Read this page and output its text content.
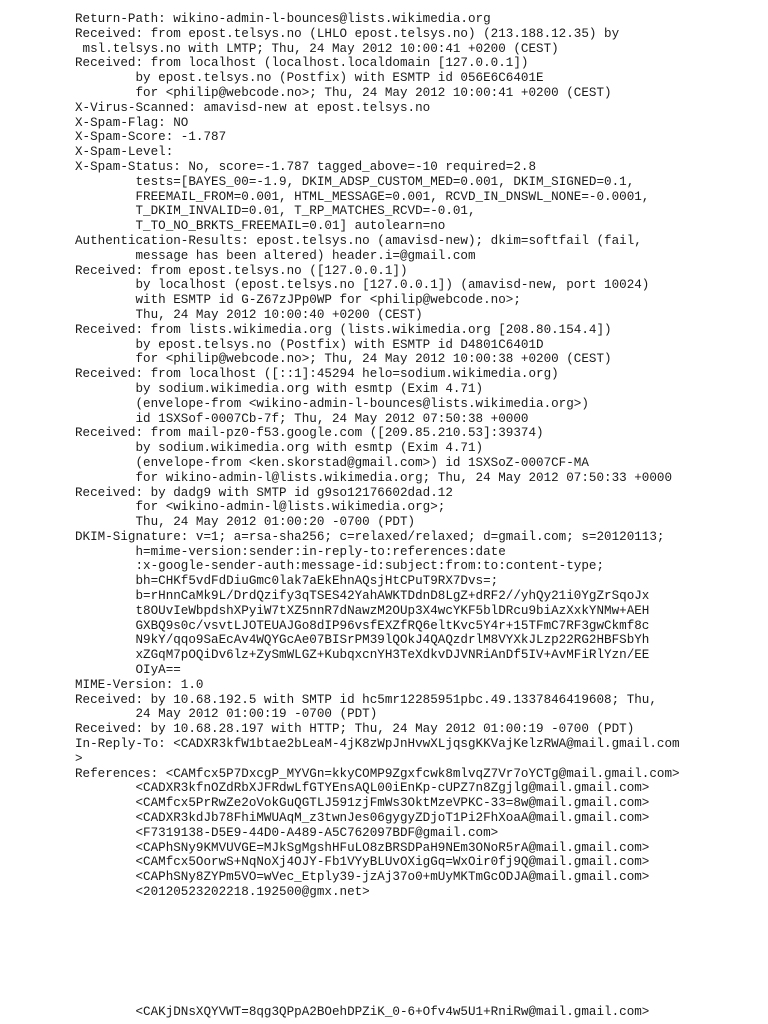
Return-Path: wikino-admin-l-bounces@lists.wikimedia.org
Received: from epost.telsys.no (LHLO epost.telsys.no) (213.188.12.35) by
msl.telsys.no with LMTP; Thu, 24 May 2012 10:00:41 +0200 (CEST)
Received: from localhost (localhost.localdomain [127.0.0.1])
by epost.telsys.no (Postfix) with ESMTP id 056E6C6401E
for <philip@webcode.no>; Thu, 24 May 2012 10:00:41 +0200 (CEST)
X-Virus-Scanned: amavisd-new at epost.telsys.no
X-Spam-Flag: NO
X-Spam-Score: -1.787
X-Spam-Level:
X-Spam-Status: No, score=-1.787 tagged_above=-10 required=2.8
tests=[BAYES_00=-1.9, DKIM_ADSP_CUSTOM_MED=0.001, DKIM_SIGNED=0.1,
FREEMAIL_FROM=0.001, HTML_MESSAGE=0.001, RCVD_IN_DNSWL_NONE=-0.0001,
T_DKIM_INVALID=0.01, T_RP_MATCHES_RCVD=-0.01,
T_TO_NO_BRKTS_FREEMAIL=0.01] autolearn=no
Authentication-Results: epost.telsys.no (amavisd-new); dkim=softfail (fail,
message has been altered) header.i=@gmail.com
Received: from epost.telsys.no ([127.0.0.1])
by localhost (epost.telsys.no [127.0.0.1]) (amavisd-new, port 10024)
with ESMTP id G-Z67zJPp0WP for <philip@webcode.no>;
Thu, 24 May 2012 10:00:40 +0200 (CEST)
Received: from lists.wikimedia.org (lists.wikimedia.org [208.80.154.4])
by epost.telsys.no (Postfix) with ESMTP id D4801C6401D
for <philip@webcode.no>; Thu, 24 May 2012 10:00:38 +0200 (CEST)
Received: from localhost ([::1]:45294 helo=sodium.wikimedia.org)
by sodium.wikimedia.org with esmtp (Exim 4.71)
(envelope-from <wikino-admin-l-bounces@lists.wikimedia.org>)
id 1SXSof-0007Cb-7f; Thu, 24 May 2012 07:50:38 +0000
Received: from mail-pz0-f53.google.com ([209.85.210.53]:39374)
by sodium.wikimedia.org with esmtp (Exim 4.71)
(envelope-from <ken.skorstad@gmail.com>) id 1SXSoZ-0007CF-MA
for wikino-admin-l@lists.wikimedia.org; Thu, 24 May 2012 07:50:33 +0000
Received: by dadg9 with SMTP id g9so12176602dad.12
for <wikino-admin-l@lists.wikimedia.org>;
Thu, 24 May 2012 01:00:20 -0700 (PDT)
DKIM-Signature: v=1; a=rsa-sha256; c=relaxed/relaxed; d=gmail.com; s=20120113;
h=mime-version:sender:in-reply-to:references:date
:x-google-sender-auth:message-id:subject:from:to:content-type;
bh=CHKf5vdFdDiuGmc0lak7aEkEhnAQsjHtCPuT9RX7Dvs=;
b=rHnnCaMk9L/DrdQzify3qTSES42YahAWKTDdnD8LgZ+dRF2//yhQy21i0YgZrSqoJx
t8OUvIeWbpdshXPyiW7tXZ5nnR7dNawzM2OUp3X4wcYKF5blDRcu9biAzXxkYNMw+AEH
GXBQ9s0c/vsvtLJOTEUAJGo8dIP96vsfEXZfRQ6eltKvc5Y4r+15TFmC7RF3gwCkmf8c
N9kY/qqo9SaEcAv4WQYGcAe07BISrPM39lQOkJ4QAQzdrlM8VYXkJLzp22RG2HBFSbYh
xZGqM7pOQiDv6lz+ZySmWLGZ+KubqxcnYH3TeXdkvDJVNRiAnDf5IV+AvMFiRlYzn/EE
OIyA==
MIME-Version: 1.0
Received: by 10.68.192.5 with SMTP id hc5mr12285951pbc.49.1337846419608; Thu,
24 May 2012 01:00:19 -0700 (PDT)
Received: by 10.68.28.197 with HTTP; Thu, 24 May 2012 01:00:19 -0700 (PDT)
In-Reply-To: <CADXR3kfW1btae2bLeaM-4jK8zWpJnHvwXLjqsgKKVajKelzRWA@mail.gmail.com
>
References: <CAMfcx5P7DxcgP_MYVGn=kkyCOMP9Zgxfcwk8mlvqZ7Vr7oYCTg@mail.gmail.com>
<CADXR3kfnOZdRbXJFRdwLfGTYEnsAQL00iEnKp-cUPZ7n8Zgjlg@mail.gmail.com>
<CAMfcx5PrRwZe2oVokGuQGTLJ591zjFmWs3OktMzeVPKC-33=8w@mail.gmail.com>
<CADXR3kdJb78FhiMWUAqM_z3twnJes06gygyZDjoT1Pi2FhXoaA@mail.gmail.com>
<F7319138-D5E9-44D0-A489-A5C762097BDF@gmail.com>
<CAPhSNy9KMVUVGE=MJkSgMgshHFuLO8zBRSDPaH9NEm3ONoR5rA@mail.gmail.com>
<CAMfcx5OorwS+NqNoXj4OJY-Fb1VYyBLUvOXigGq=WxOir0fj9Q@mail.gmail.com>
<CAPhSNy8ZYPm5VO=wVec_Etply39-jzAj37o0+mUyMKTmGcODJA@mail.gmail.com>
<20120523202218.192500@gmx.net>
<CAKjDNsXQYVWT=8qg3QPpA2BOehDPZiK_0-6+Ofv4w5U1+RniRw@mail.gmail.com>
